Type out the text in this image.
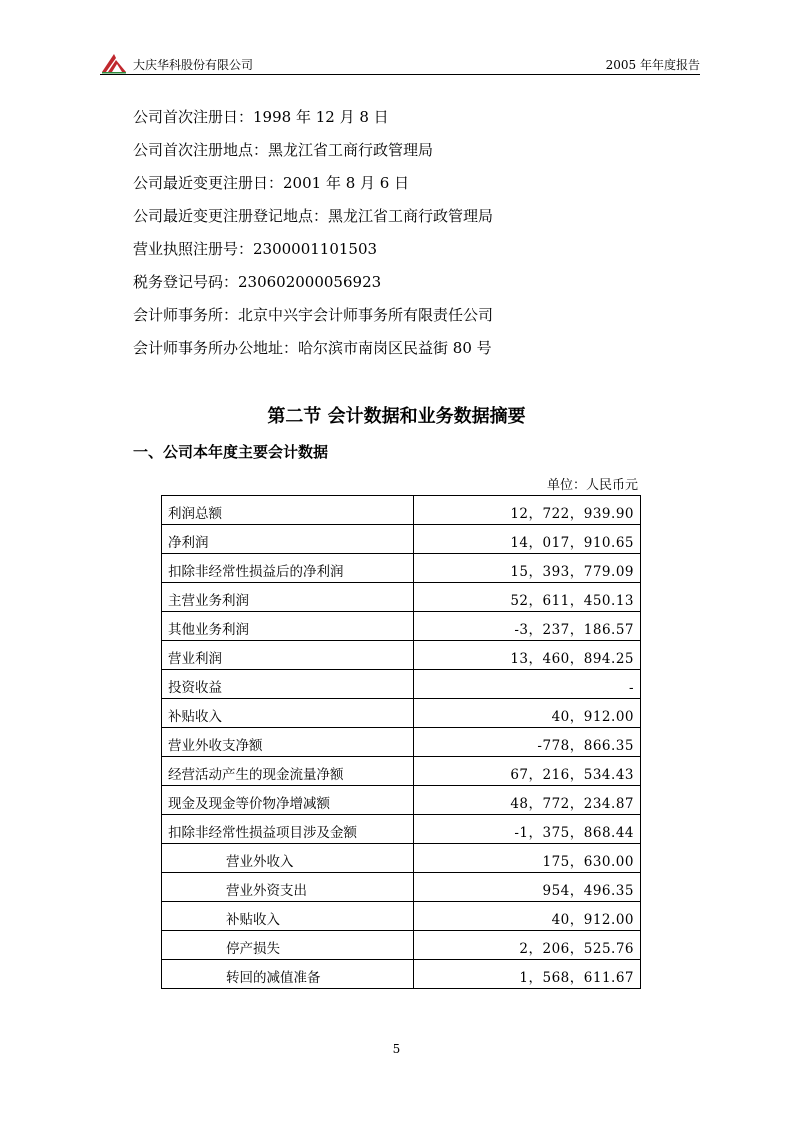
大庆华科股份有限公司	2005 年年度报告
公司首次注册日：1998 年 12 月 8 日
公司首次注册地点：黑龙江省工商行政管理局
公司最近变更注册日：2001 年 8 月 6 日
公司最近变更注册登记地点：黑龙江省工商行政管理局
营业执照注册号：2300001101503
税务登记号码：230602000056923
会计师事务所：北京中兴宇会计师事务所有限责任公司
会计师事务所办公地址：哈尔滨市南岗区民益街 80 号
第二节 会计数据和业务数据摘要
一、公司本年度主要会计数据
单位：人民币元
利润总额	12，722，939.90
净利润	14，017，910.65
扣除非经常性损益后的净利润	15，393，779.09
主营业务利润	52，611，450.13
其他业务利润	-3，237，186.57
营业利润	13，460，894.25
投资收益	-
补贴收入	40，912.00
营业外收支净额	-778，866.35
经营活动产生的现金流量净额	67，216，534.43
现金及现金等价物净增减额	48，772，234.87
扣除非经常性损益项目涉及金额	-1，375，868.44
营业外收入	175，630.00
营业外资支出	954，496.35
补贴收入	40，912.00
停产损失	2，206，525.76
转回的减值准备	1，568，611.67
5
